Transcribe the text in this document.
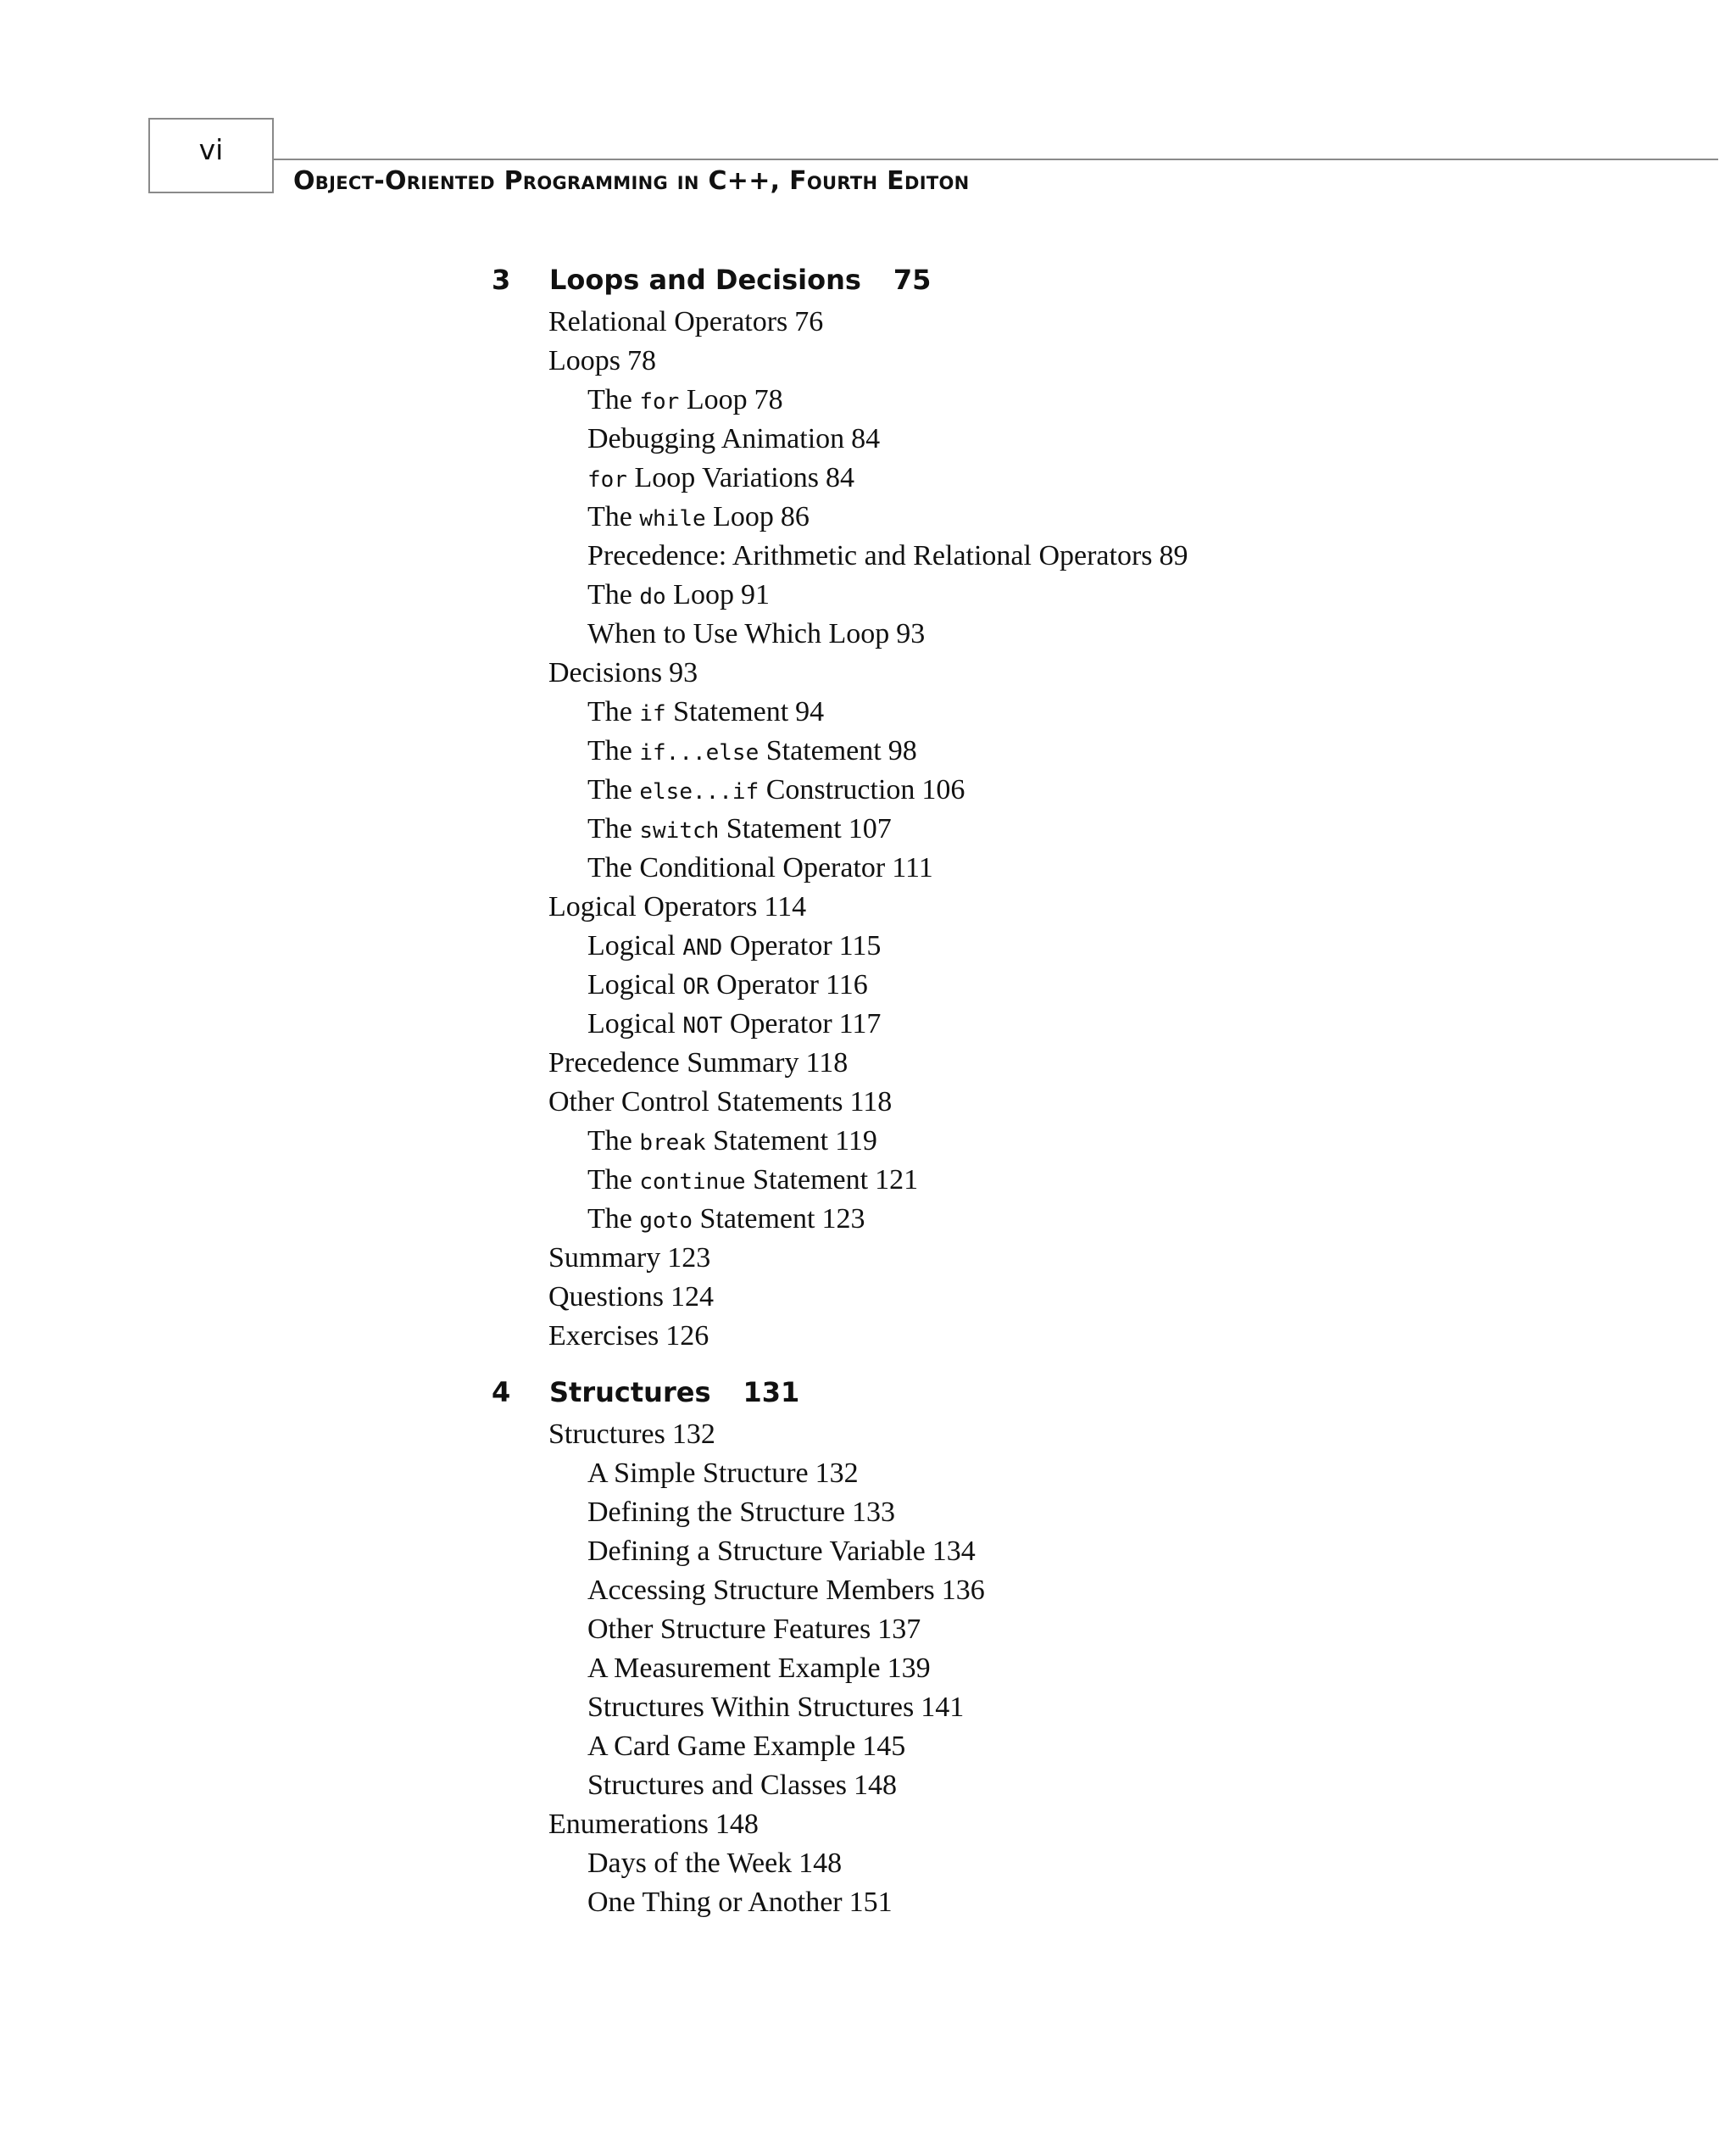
vi
Object-Oriented Programming in C++, Fourth Editon
3 Loops and Decisions 75
Relational Operators 76
Loops 78
The for Loop 78
Debugging Animation 84
for Loop Variations 84
The while Loop 86
Precedence: Arithmetic and Relational Operators 89
The do Loop 91
When to Use Which Loop 93
Decisions 93
The if Statement 94
The if...else Statement 98
The else...if Construction 106
The switch Statement 107
The Conditional Operator 111
Logical Operators 114
Logical AND Operator 115
Logical OR Operator 116
Logical NOT Operator 117
Precedence Summary 118
Other Control Statements 118
The break Statement 119
The continue Statement 121
The goto Statement 123
Summary 123
Questions 124
Exercises 126
4 Structures 131
Structures 132
A Simple Structure 132
Defining the Structure 133
Defining a Structure Variable 134
Accessing Structure Members 136
Other Structure Features 137
A Measurement Example 139
Structures Within Structures 141
A Card Game Example 145
Structures and Classes 148
Enumerations 148
Days of the Week 148
One Thing or Another 151
